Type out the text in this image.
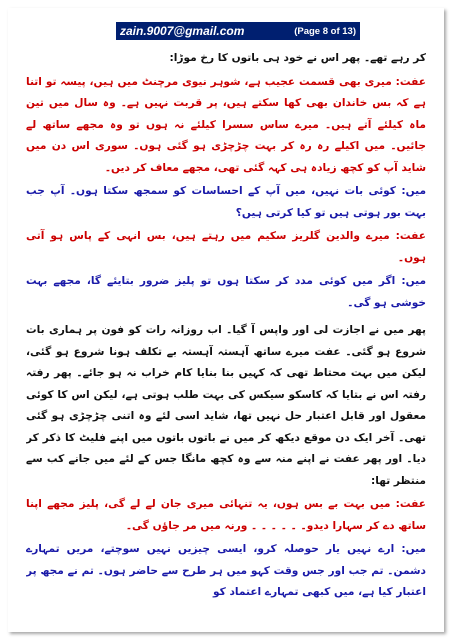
zain.9007@gmail.com	(Page 8 of 13)

کر رہے تھے۔ پھر اس نے خود ہی باتوں کا رخ موڑا:

عفت: میری بھی قسمت عجیب ہے، شوہر نیوی مرچنٹ میں ہیں، پیسہ تو اتنا ہے کہ بس خاندان بھی کھا سکتے ہیں، پر قربت نہیں ہے۔ وہ سال میں تین ماہ کیلئے آتے ہیں۔ میرے ساس سسرا کیلئے نہ ہوں تو وہ مجھے ساتھ لے جائیں۔ میں اکیلے رہ رہ کر بہت چڑچڑی ہو گئی ہوں۔ سوری اس دن میں شاید آپ کو کچھ زیادہ ہی کہہ گئی تھی، مجھے معاف کر دیں۔

میں: کوئی بات نہیں، میں آپ کے احساسات کو سمجھ سکتا ہوں۔ آپ جب بہت بور ہوتی ہیں تو کیا کرتی ہیں؟

عفت: میرے والدین گلریز سکیم میں رہتے ہیں، بس انہی کے پاس ہو آتی ہوں۔

میں: اگر میں کوئی مدد کر سکتا ہوں تو پلیز ضرور بتایئے گا، مجھے بہت خوشی ہو گی۔

پھر میں نے اجازت لی اور واپس آ گیا۔ اب روزانہ رات کو فون پر ہماری بات شروع ہو گئی۔ عفت میرے ساتھ آہستہ آہستہ بے تکلف ہونا شروع ہو گئی، لیکن میں بہت محتاط تھی کہ کہیں بنا بنایا کام خراب نہ ہو جائے۔ پھر رفتہ رفتہ اس نے بتایا کہ کاسکو سیکس کی بہت طلب ہوتی ہے، لیکن اس کا کوئی معقول اور قابل اعتبار حل نہیں تھا، شاید اسی لئے وہ اتنی چڑچڑی ہو گئی تھی۔ آخر ایک دن موقع دیکھ کر میں نے باتوں باتوں میں اپنے فلیٹ کا ذکر کر دیا۔ اور پھر عفت نے اپنے منہ سے وہ کچھ مانگا جس کے لئے میں جانے کب سے منتظر تھا:

عفت: میں بہت بے بس ہوں، یہ تنہائی میری جان لے لے گی، پلیز مجھے اپنا ساتھ دے کر سہارا دیدو۔ ۔ ۔ ۔ ۔ ۔ ورنہ میں مر جاؤں گی۔

میں: ارے نہیں یار حوصلہ کرو، ایسی چیزیں نہیں سوچتے، مریں تمہارے دشمن۔ تم جب اور جس وقت کہو میں ہر طرح سے حاضر ہوں۔ تم نے مجھ پر اعتبار کیا ہے، میں کبھی تمہارے اعتماد کو
